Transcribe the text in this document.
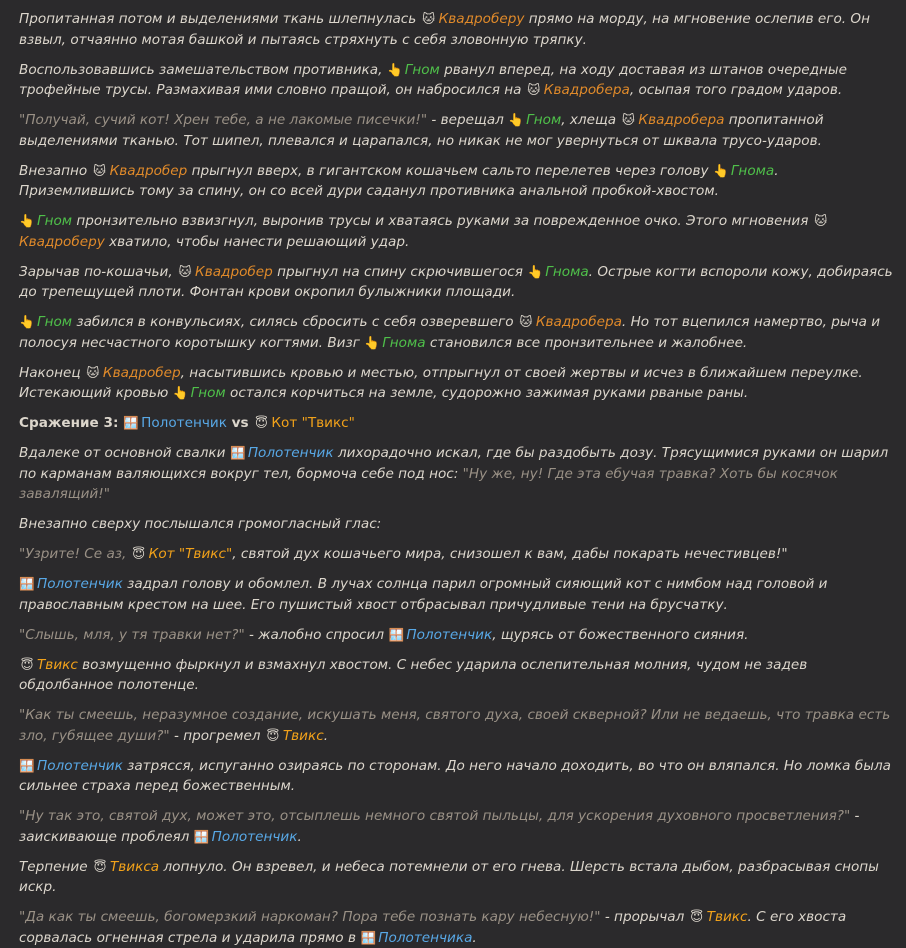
Пропитанная потом и выделениями ткань шлепнулась 🐱 Квадроберу прямо на морду, на мгновение ослепив его. Он взвыл, отчаянно мотая башкой и пытаясь стряхнуть с себя зловонную тряпку.

Воспользовавшись замешательством противника, 👆 Гном рванул вперед, на ходу доставая из штанов очередные трофейные трусы. Размахивая ими словно пращой, он набросился на 🐱 Квадробера, осыпая того градом ударов.

"Получай, сучий кот! Хрен тебе, а не лакомые писечки!" - верещал 👆 Гном, хлеща 🐱 Квадробера пропитанной выделениями тканью. Тот шипел, плевался и царапался, но никак не мог увернуться от шквала трусо-ударов.

Внезапно 🐱 Квадробер прыгнул вверх, в гигантском кошачьем сальто перелетев через голову 👆 Гнома. Приземлившись тому за спину, он со всей дури саданул противника анальной пробкой-хвостом.

👆 Гном пронзительно взвизгнул, выронив трусы и хватаясь руками за поврежденное очко. Этого мгновения 🐱Квадроберу хватило, чтобы нанести решающий удар.

Зарычав по-кошачьи, 🐱 Квадробер прыгнул на спину скрючившегося 👆 Гнома. Острые когти вспороли кожу, добираясь до трепещущей плоти. Фонтан крови окропил булыжники площади.

👆 Гном забился в конвульсиях, силясь сбросить с себя озверевшего 🐱 Квадробера. Но тот вцепился намертво, рыча и полосуя несчастного коротышку когтями. Визг 👆 Гнома становился все пронзительнее и жалобнее.

Наконец 🐱 Квадробер, насытившись кровью и местью, отпрыгнул от своей жертвы и исчез в ближайшем переулке. Истекающий кровью 👆 Гном остался корчиться на земле, судорожно зажимая руками рваные раны.

Сражение 3: 🪟 Полотенчик vs 😇 Кот "Твикс"

Вдалеке от основной свалки 🪟 Полотенчик лихорадочно искал, где бы раздобыть дозу. Трясущимися руками он шарил по карманам валяющихся вокруг тел, бормоча себе под нос: "Ну же, ну! Где эта ебучая травка? Хоть бы косячок завалящий!"

Внезапно сверху послышался громогласный глас:

"Узрите! Се аз, 😇 Кот "Твикс", святой дух кошачьего мира, снизошел к вам, дабы покарать нечестивцев!"

🪟 Полотенчик задрал голову и обомлел. В лучах солнца парил огромный сияющий кот с нимбом над головой и православным крестом на шее. Его пушистый хвост отбрасывал причудливые тени на брусчатку.

"Слышь, мля, у тя травки нет?" - жалобно спросил 🪟 Полотенчик, щурясь от божественного сияния.

😇 Твикс возмущенно фыркнул и взмахнул хвостом. С небес ударила ослепительная молния, чудом не задев обдолбанное полотенце.

"Как ты смеешь, неразумное создание, искушать меня, святого духа, своей скверной? Или не ведаешь, что травка есть зло, губящее души?" - прогремел 😇 Твикс.

🪟 Полотенчик затрясся, испуганно озираясь по сторонам. До него начало доходить, во что он вляпался. Но ломка была сильнее страха перед божественным.

"Ну так это, святой дух, может это, отсыплешь немного святой пыльцы, для ускорения духовного просветления?" - заискивающе проблеял 🪟 Полотенчик.

Терпение 😇 Твикса лопнуло. Он взревел, и небеса потемнели от его гнева. Шерсть встала дыбом, разбрасывая снопы искр.

"Да как ты смеешь, богомерзкий наркоман? Пора тебе познать кару небесную!" - прорычал 😇 Твикс. С его хвоста сорвалась огненная стрела и ударила прямо в 🪟 Полотенчика.
